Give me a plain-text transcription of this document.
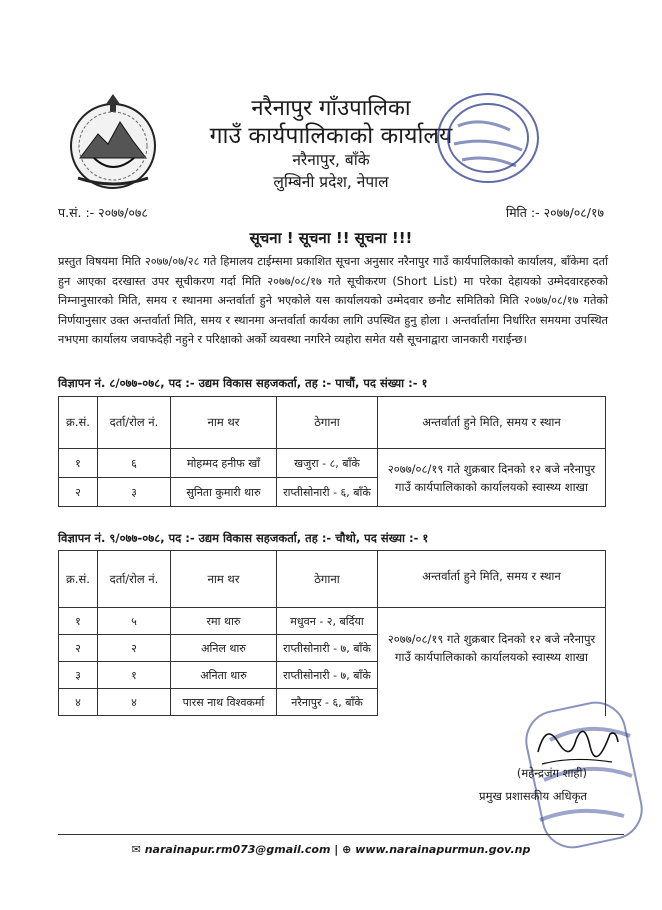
नरैनापुर गाँउपालिका
गाउँ कार्यपालिकाको कार्यालय
नरैनापुर, बाँके
लुम्बिनी प्रदेश, नेपाल
प.सं. :- २०७७/०७८	मिति :- २०७७/०८/१७
सूचना ! सूचना !! सूचना !!!
प्रस्तुत विषयमा मिति २०७७/०७/२८ गते हिमालय टाईम्समा प्रकाशित सूचना अनुसार नरैनापुर गाउँ कार्यपालिकाको कार्यालय, बाँकेमा दर्ता हुन आएका दरखास्त उपर सूचीकरण गर्दा मिति २०७७/०८/१७ गते सूचीकरण (Short List) मा परेका देहायको उम्मेदवारहरुको निम्नानुसारको मिति, समय र स्थानमा अन्तर्वार्ता हुने भएकोले यस कार्यालयको उम्मेदवार छनौट समितिको मिति २०७७/०८/१७ गतेको निर्णयानुसार उक्त अन्तर्वार्ता मिति, समय र स्थानमा अन्तर्वार्ता कार्यका लागि उपस्थित हुनु होला । अन्तर्वार्तामा निर्धारित समयमा उपस्थित नभएमा कार्यालय जवाफदेही नहुने र परिक्षाको अर्को व्यवस्था नगरिने व्यहोरा समेत यसै सूचनाद्वारा जानकारी गराईन्छ।
विज्ञापन नं. ८/०७७-०७८, पद :- उद्यम विकास सहजकर्ता, तह :- पाचौं, पद संख्या :- १
क्र.सं.	दर्ता/रोल नं.	नाम थर	ठेगाना	अन्तर्वार्ता हुने मिति, समय र स्थान
१	६	मोहम्मद हनीफ खाँ	खजुरा - ८, बाँके	२०७७/०८/१९ गते शुक्रबार दिनको १२ बजे नरैनापुर गाउँ कार्यपालिकाको कार्यालयको स्वास्थ्य शाखा
२	३	सुनिता कुमारी थारु	राप्तीसोनारी - ६, बाँके	
विज्ञापन नं. ९/०७७-०७८, पद :- उद्यम विकास सहजकर्ता, तह :- चौथो, पद संख्या :- १
क्र.सं.	दर्ता/रोल नं.	नाम थर	ठेगाना	अन्तर्वार्ता हुने मिति, समय र स्थान
१	५	रमा थारु	मधुवन - २, बर्दिया	२०७७/०८/१९ गते शुक्रबार दिनको १२ बजे नरैनापुर गाउँ कार्यपालिकाको कार्यालयको स्वास्थ्य शाखा
२	२	अनिल थारु	राप्तीसोनारी - ७, बाँके	
३	१	अनिता थारु	राप्तीसोनारी - ७, बाँके	
४	४	पारस नाथ विश्वकर्मा	नरैनापुर - ६, बाँके	
(महेन्द्रजंग शाही)
प्रमुख प्रशासकीय अधिकृत
✉ narainapur.rm073@gmail.com | ⊕ www.narainapurmun.gov.np
